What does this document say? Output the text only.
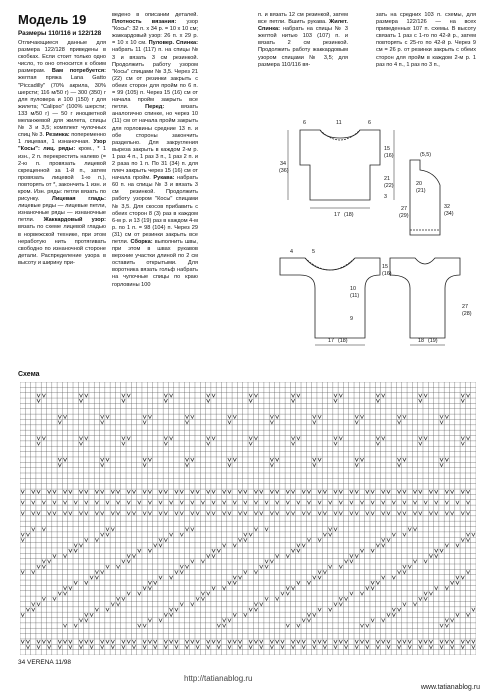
Модель 19
Размеры 110/116 и 122/128

Отличающиеся данные для размера 122/128 приведены в скобках. Если стоит только одно число, то оно относится к обоим размерам. Вам потребуется: желтая пряжа Lana Gatto "Piccadilly" (70% акрила, 30% шерсти; 116 м/50 г) — 300 (350) г для пуловера и 100 (150) г для жилета; "Calipso" (100% шерсти; 133 м/50 г) — 50 г иноцветной меланжевой для жилета, спицы № 3 и 3,5; комплект чулочных спиц № 3. Резинка: попеременно 1 лицевая, 1 изнаночная. Узор "Косы": лиц. ряды: кром., * 1 изн., 2 п. перекрестить налево (= 2-ю п. провязать лицевой скрещенной за 1-й п., затем провязать лицевой 1-ю п.), повторять от *, закончить 1 изн. и кром. Изн. ряды: петли вязать по рисунку. Лицевая гладь: лицевые ряды — лицевые петли, изнаночные ряды — изнаночные петли. Жаккардовый узор: вязать по схеме лицевой гладью в норвежской технике, при этом неработую нить протягивать свободно по изнаночной стороне детали. Распределение узора в высоту и ширину при-

ведено в описании деталей. Плотность вязания: узор "Косы": 32 п. х 34 р. = 10 х 10 см; жаккардовый узор: 26 п. х 29 р. = 10 х 10 см. Пуловер. Спинка: набрать 11 (117) п. на спицы № 3 и вязать 3 см резинкой. Продолжить работу узором "Косы" спицами № 3,5. Через 21 (22) см от резинки закрыть с обеих сторон для пройм по 6 п. = 99 (105) п. Через 15 (16) см от начала пройм закрыть все петли. Перед: вязать аналогично спинке, но через 10 (11) см от начала пройм закрыть для горловины средние 13 п. и обе стороны закончить раздельно. Для закругления выреза закрыть в каждом 2-м р. 1 раз 4 п., 1 раз 3 п., 1 раз 2 п. и 2 раза по 1 п. По 31 (34) п. для плеч закрыть через 15 (16) см от начала пройм. Рукава: набрать 60 п. на спицы № 3 и вязать 3 см резинкой. Продолжить работу узором "Косы" спицами № 3,5. Для скосов прибавить с обеих сторон 8 (3) раз в каждом 6-м р. и 13 (19) раз в каждом 4-м р. по 1 п. = 98 (104) п. Через 29 (31) см от резинки закрыть все петли. Сборка: выполнить швы, при этом в швах рукавов верхние участки длиной по 2 см оставить открытыми. Для воротника вязать гольф набрать на чулочные спицы по краю горловины 100

п. и вязать 12 см резинкой, затем все петли. Вшить рукава. Жилет. Спинка: набрать на спицы № 3 желтой нитью 103 (107) п. и вязать 2 см резинкой. Продолжить работу жаккардовым узором спицами № 3,5; для размера 110/116 вя-

зать на средних 103 п. схемы, для размера 122/126 — на всех приведенных 107 п. схемы. В высоту связать 1 раз с 1-го по 42-й р., затем повторять с 25-го по 42-й р. Через 9 см = 26 р. от резинки закрыть с обеих сторон для пройм в каждом 2-м р. 1 раз по 4 п., 1 раз по 3 п.,

6	11	6
15
(16)
34
(36)
21
(22)
3
17 (18)
(5,5)
20
(21)
32
(34)
27
(29)
4	5
15
(16)
10
(11)
9
27
(28)
17 (18)	18 (19)
Схема
34 VERENA 11/98
http://tatianablog.ru
www.tatianablog.ru
